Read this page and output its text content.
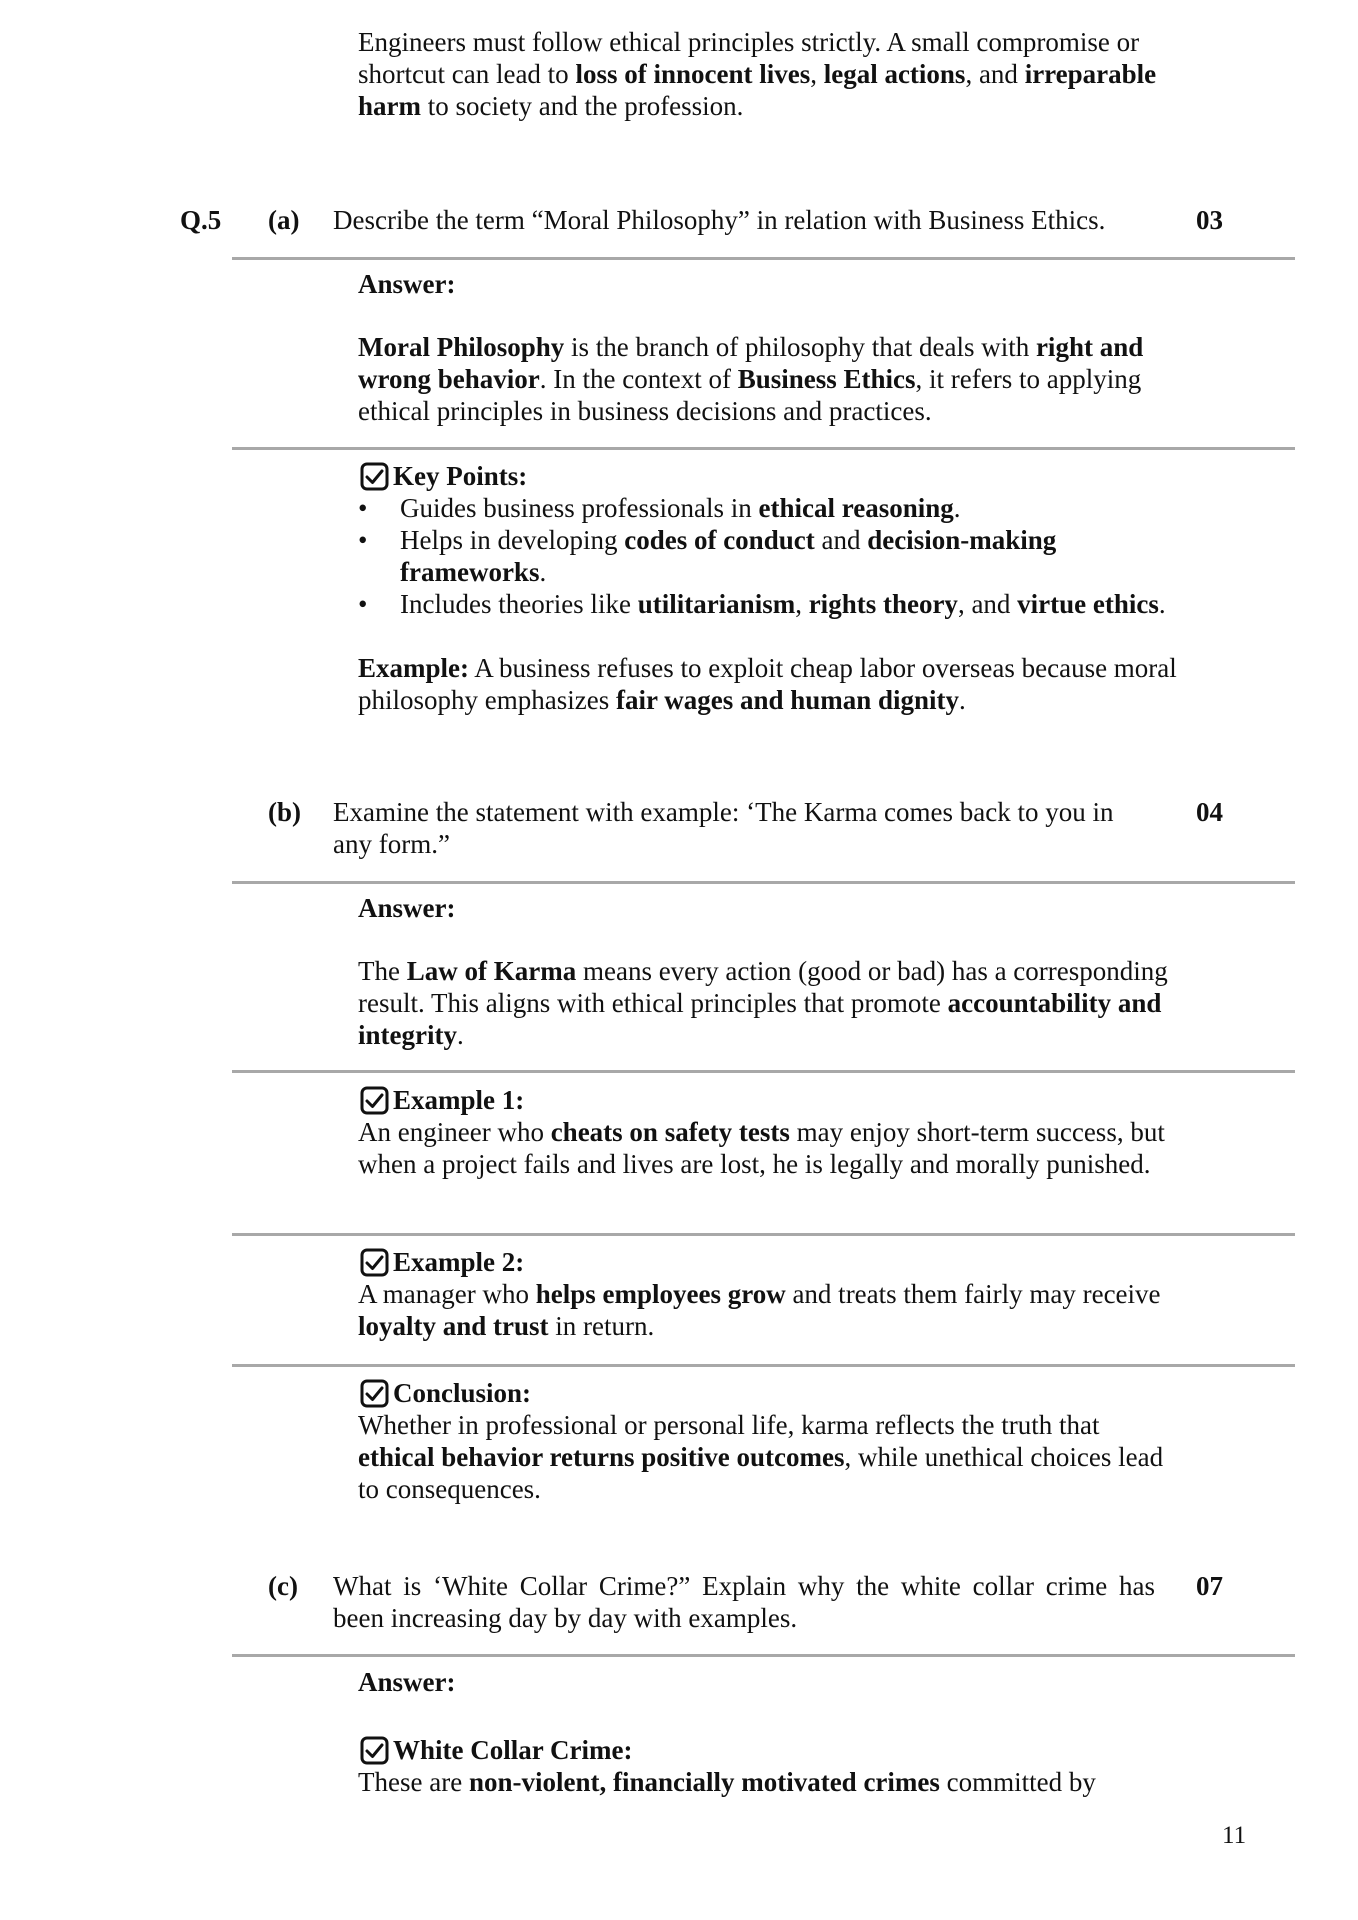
Engineers must follow ethical principles strictly. A small compromise or shortcut can lead to loss of innocent lives, legal actions, and irreparable harm to society and the profession.

Q.5 (a) Describe the term “Moral Philosophy” in relation with Business Ethics.	03
Answer:

Moral Philosophy is the branch of philosophy that deals with right and wrong behavior. In the context of Business Ethics, it refers to applying ethical principles in business decisions and practices.

Key Points:
• Guides business professionals in ethical reasoning.
• Helps in developing codes of conduct and decision-making frameworks.
• Includes theories like utilitarianism, rights theory, and virtue ethics.

Example: A business refuses to exploit cheap labor overseas because moral philosophy emphasizes fair wages and human dignity.

(b) Examine the statement with example: ‘The Karma comes back to you in any form.”

04
Answer:

The Law of Karma means every action (good or bad) has a corresponding result. This aligns with ethical principles that promote accountability and integrity.

Example 1:

An engineer who cheats on safety tests may enjoy short-term success, but when a project fails and lives are lost, he is legally and morally punished.

Example 2:

A manager who helps employees grow and treats them fairly may receive loyalty and trust in return.

Conclusion:

Whether in professional or personal life, karma reflects the truth that ethical behavior returns positive outcomes, while unethical choices lead to consequences.

(c) What is ‘White Collar Crime?” Explain why the white collar crime has been increasing day by day with examples.

07
Answer:
White Collar Crime:

These are non-violent, financially motivated crimes committed by

11
